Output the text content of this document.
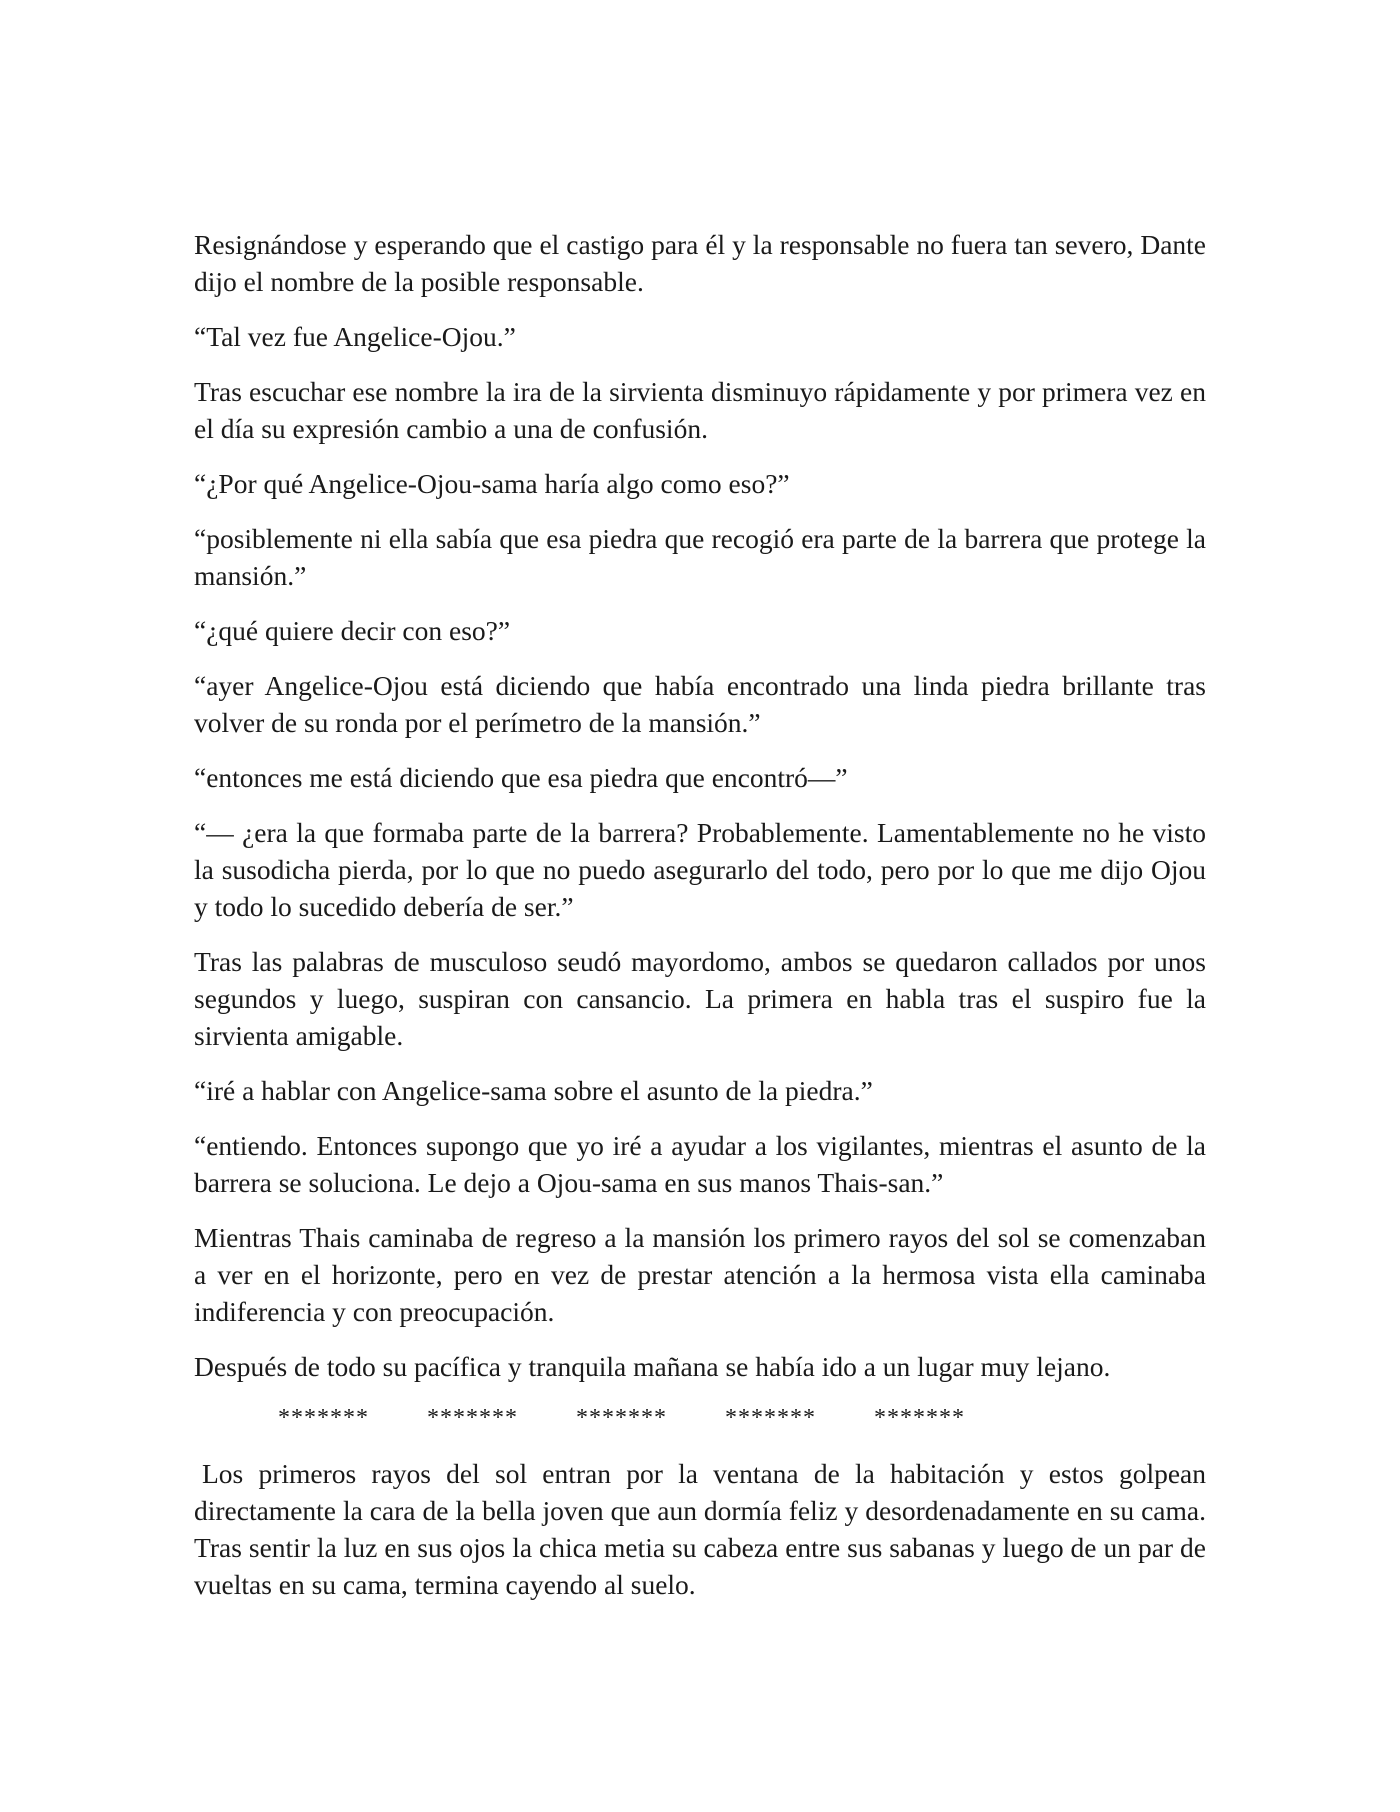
Resignándose y esperando que el castigo para él y la responsable no fuera tan severo, Dante dijo el nombre de la posible responsable.

“Tal vez fue Angelice-Ojou.”

Tras escuchar ese nombre la ira de la sirvienta disminuyo rápidamente y por primera vez en el día su expresión cambio a una de confusión.

“¿Por qué Angelice-Ojou-sama haría algo como eso?”

“posiblemente ni ella sabía que esa piedra que recogió era parte de la barrera que protege la mansión.”

“¿qué quiere decir con eso?”

“ayer Angelice-Ojou está diciendo que había encontrado una linda piedra brillante tras volver de su ronda por el perímetro de la mansión.”

“entonces me está diciendo que esa piedra que encontró—”

“— ¿era la que formaba parte de la barrera? Probablemente. Lamentablemente no he visto la susodicha pierda, por lo que no puedo asegurarlo del todo, pero por lo que me dijo Ojou y todo lo sucedido debería de ser.”

Tras las palabras de musculoso seudó mayordomo, ambos se quedaron callados por unos segundos y luego, suspiran con cansancio. La primera en habla tras el suspiro fue la sirvienta amigable.

“iré a hablar con Angelice-sama sobre el asunto de la piedra.”

“entiendo. Entonces supongo que yo iré a ayudar a los vigilantes, mientras el asunto de la barrera se soluciona. Le dejo a Ojou-sama en sus manos Thais-san.”

Mientras Thais caminaba de regreso a la mansión los primero rayos del sol se comenzaban a ver en el horizonte, pero en vez de prestar atención a la hermosa vista ella caminaba indiferencia y con preocupación.

Después de todo su pacífica y tranquila mañana se había ido a un lugar muy lejano.

******* ******* ******* ******* *******

Los primeros rayos del sol entran por la ventana de la habitación y estos golpean directamente la cara de la bella joven que aun dormía feliz y desordenadamente en su cama. Tras sentir la luz en sus ojos la chica metia su cabeza entre sus sabanas y luego de un par de vueltas en su cama, termina cayendo al suelo.
